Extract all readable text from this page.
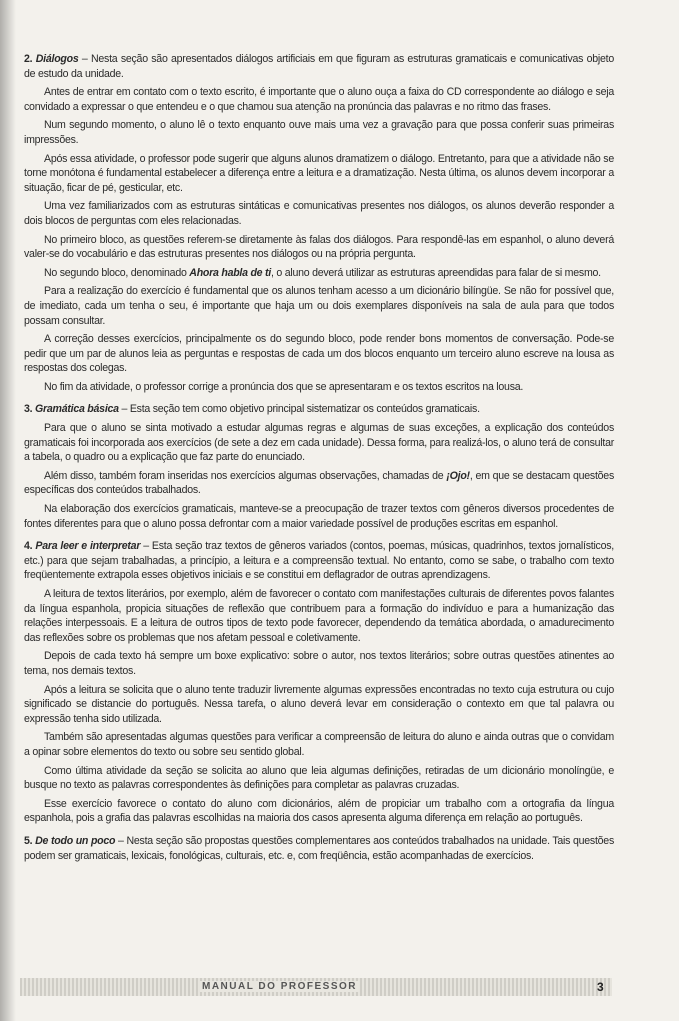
2. Diálogos – Nesta seção são apresentados diálogos artificiais em que figuram as estruturas gramaticais e comunicativas objeto de estudo da unidade.

Antes de entrar em contato com o texto escrito, é importante que o aluno ouça a faixa do CD correspondente ao diálogo e seja convidado a expressar o que entendeu e o que chamou sua atenção na pronúncia das palavras e no ritmo das frases.

Num segundo momento, o aluno lê o texto enquanto ouve mais uma vez a gravação para que possa conferir suas primeiras impressões.

Após essa atividade, o professor pode sugerir que alguns alunos dramatizem o diálogo. Entretanto, para que a atividade não se torne monótona é fundamental estabelecer a diferença entre a leitura e a dramatização. Nesta última, os alunos devem incorporar a situação, ficar de pé, gesticular, etc.

Uma vez familiarizados com as estruturas sintáticas e comunicativas presentes nos diálogos, os alunos deverão responder a dois blocos de perguntas com eles relacionadas.

No primeiro bloco, as questões referem-se diretamente às falas dos diálogos. Para respondê-las em espanhol, o aluno deverá valer-se do vocabulário e das estruturas presentes nos diálogos ou na própria pergunta.

No segundo bloco, denominado Ahora habla de ti, o aluno deverá utilizar as estruturas apreendidas para falar de si mesmo.

Para a realização do exercício é fundamental que os alunos tenham acesso a um dicionário bilíngüe. Se não for possível que, de imediato, cada um tenha o seu, é importante que haja um ou dois exemplares disponíveis na sala de aula para que todos possam consultar.

A correção desses exercícios, principalmente os do segundo bloco, pode render bons momentos de conversação. Pode-se pedir que um par de alunos leia as perguntas e respostas de cada um dos blocos enquanto um terceiro aluno escreve na lousa as respostas dos colegas.

No fim da atividade, o professor corrige a pronúncia dos que se apresentaram e os textos escritos na lousa.

3. Gramática básica – Esta seção tem como objetivo principal sistematizar os conteúdos gramaticais.

Para que o aluno se sinta motivado a estudar algumas regras e algumas de suas exceções, a explicação dos conteúdos gramaticais foi incorporada aos exercícios (de sete a dez em cada unidade). Dessa forma, para realizá-los, o aluno terá de consultar a tabela, o quadro ou a explicação que faz parte do enunciado.

Além disso, também foram inseridas nos exercícios algumas observações, chamadas de ¡Ojo!, em que se destacam questões específicas dos conteúdos trabalhados.

Na elaboração dos exercícios gramaticais, manteve-se a preocupação de trazer textos com gêneros diversos procedentes de fontes diferentes para que o aluno possa defrontar com a maior variedade possível de produções escritas em espanhol.

4. Para leer e interpretar – Esta seção traz textos de gêneros variados (contos, poemas, músicas, quadrinhos, textos jornalísticos, etc.) para que sejam trabalhadas, a princípio, a leitura e a compreensão textual. No entanto, como se sabe, o trabalho com texto freqüentemente extrapola esses objetivos iniciais e se constitui em deflagrador de outras aprendizagens.

A leitura de textos literários, por exemplo, além de favorecer o contato com manifestações culturais de diferentes povos falantes da língua espanhola, propicia situações de reflexão que contribuem para a formação do indivíduo e para a humanização das relações interpessoais. E a leitura de outros tipos de texto pode favorecer, dependendo da temática abordada, o amadurecimento das reflexões sobre os problemas que nos afetam pessoal e coletivamente.

Depois de cada texto há sempre um boxe explicativo: sobre o autor, nos textos literários; sobre outras questões atinentes ao tema, nos demais textos.

Após a leitura se solicita que o aluno tente traduzir livremente algumas expressões encontradas no texto cuja estrutura ou cujo significado se distancie do português. Nessa tarefa, o aluno deverá levar em consideração o contexto em que tal palavra ou expressão tenha sido utilizada.

Também são apresentadas algumas questões para verificar a compreensão de leitura do aluno e ainda outras que o convidam a opinar sobre elementos do texto ou sobre seu sentido global.

Como última atividade da seção se solicita ao aluno que leia algumas definições, retiradas de um dicionário monolíngüe, e busque no texto as palavras correspondentes às definições para completar as palavras cruzadas.

Esse exercício favorece o contato do aluno com dicionários, além de propiciar um trabalho com a ortografia da língua espanhola, pois a grafia das palavras escolhidas na maioria dos casos apresenta alguma diferença em relação ao português.

5. De todo un poco – Nesta seção são propostas questões complementares aos conteúdos trabalhados na unidade. Tais questões podem ser gramaticais, lexicais, fonológicas, culturais, etc. e, com freqüência, estão acompanhadas de exercícios.

MANUAL DO PROFESSOR	3
